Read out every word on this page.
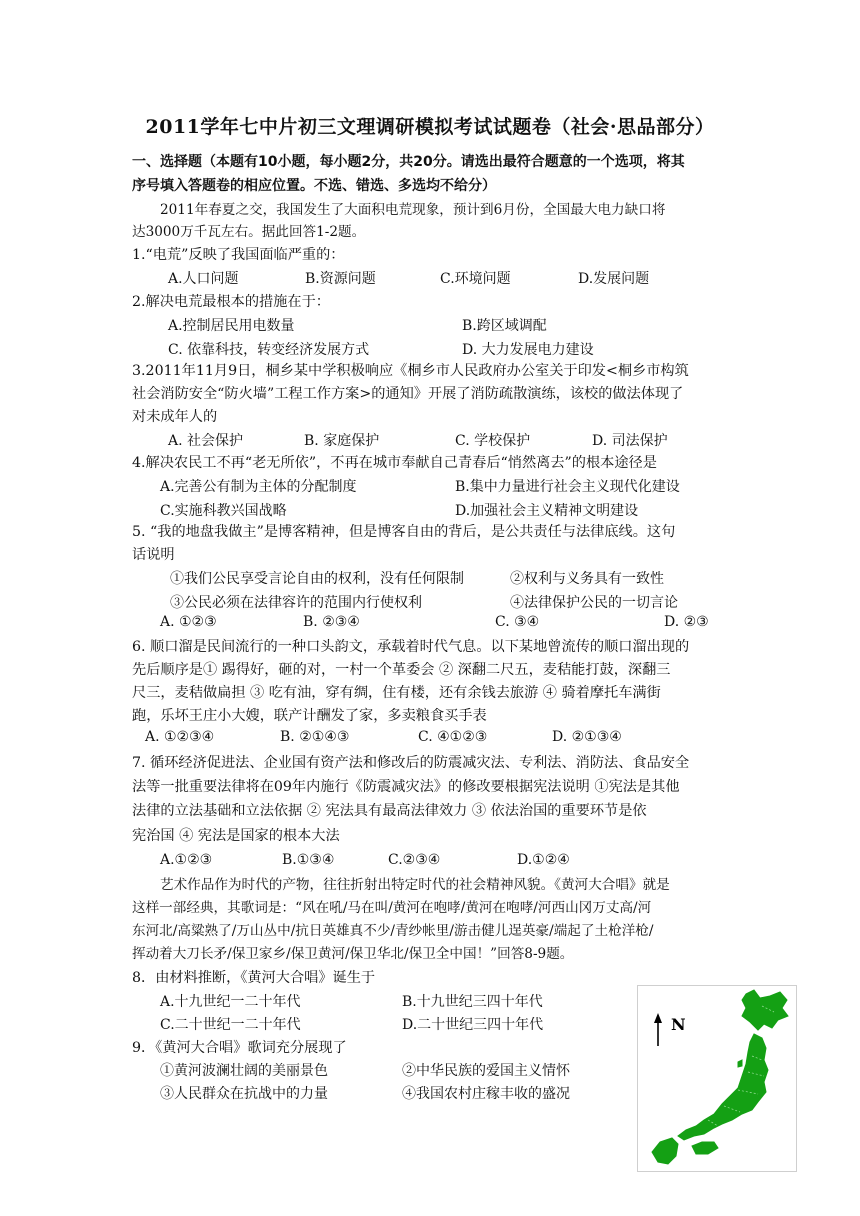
2011学年七中片初三文理调研模拟考试试题卷（社会·思品部分）
一、选择题（本题有10小题，每小题2分，共20分。请选出最符合题意的一个选项，将其
序号填入答题卷的相应位置。不选、错选、多选均不给分）
2011年春夏之交，我国发生了大面积电荒现象，预计到6月份，全国最大电力缺口将
达3000万千瓦左右。据此回答1-2题。
1.“电荒”反映了我国面临严重的：
A.人口问题	B.资源问题	C.环境问题	D.发展问题
2.解决电荒最根本的措施在于：
A.控制居民用电数量	B.跨区域调配
C. 依靠科技，转变经济发展方式	D. 大力发展电力建设
3.2011年11月9日，桐乡某中学积极响应《桐乡市人民政府办公室关于印发<桐乡市构筑
社会消防安全“防火墙”工程工作方案>的通知》开展了消防疏散演练，该校的做法体现了
对未成年人的
A. 社会保护	B. 家庭保护	C. 学校保护	D. 司法保护
4.解决农民工不再“老无所依”，不再在城市奉献自己青春后“悄然离去”的根本途径是
A.完善公有制为主体的分配制度	B.集中力量进行社会主义现代化建设
C.实施科教兴国战略	D.加强社会主义精神文明建设
5. “我的地盘我做主”是博客精神，但是博客自由的背后，是公共责任与法律底线。这句
话说明
①我们公民享受言论自由的权利，没有任何限制	②权利与义务具有一致性
③公民必须在法律容许的范围内行使权利	④法律保护公民的一切言论
A. ①②③	B. ②③④	C. ③④	D. ②③
6. 顺口溜是民间流行的一种口头韵文，承载着时代气息。以下某地曾流传的顺口溜出现的
先后顺序是① 踢得好，砸的对，一村一个革委会 ② 深翻二尺五，麦秸能打鼓，深翻三
尺三，麦秸做扁担 ③ 吃有油，穿有绸，住有楼，还有余钱去旅游 ④ 骑着摩托车满街
跑，乐坏王庄小大嫂，联产计酬发了家，多卖粮食买手表
A. ①②③④	B. ②①④③	C. ④①②③	D. ②①③④
7. 循环经济促进法、企业国有资产法和修改后的防震减灾法、专利法、消防法、食品安全
法等一批重要法律将在09年内施行《防震减灾法》的修改要根据宪法说明 ①宪法是其他
法律的立法基础和立法依据 ② 宪法具有最高法律效力 ③ 依法治国的重要环节是依
宪治国 ④ 宪法是国家的根本大法
A.①②③	B.①③④	C.②③④	D.①②④
艺术作品作为时代的产物，往往折射出特定时代的社会精神风貌。《黄河大合唱》就是
这样一部经典，其歌词是：“风在吼/马在叫/黄河在咆哮/黄河在咆哮/河西山冈万丈高/河
东河北/高粱熟了/万山丛中/抗日英雄真不少/青纱帐里/游击健儿逞英豪/端起了土枪洋枪/
挥动着大刀长矛/保卫家乡/保卫黄河/保卫华北/保卫全中国！”回答8-9题。
8．由材料推断，《黄河大合唱》诞生于
A.十九世纪一二十年代	B.十九世纪三四十年代
C.二十世纪一二十年代	D.二十世纪三四十年代
9．《黄河大合唱》歌词充分展现了
①黄河波澜壮阔的美丽景色	②中华民族的爱国主义情怀
③人民群众在抗战中的力量	④我国农村庄稼丰收的盛况
N
